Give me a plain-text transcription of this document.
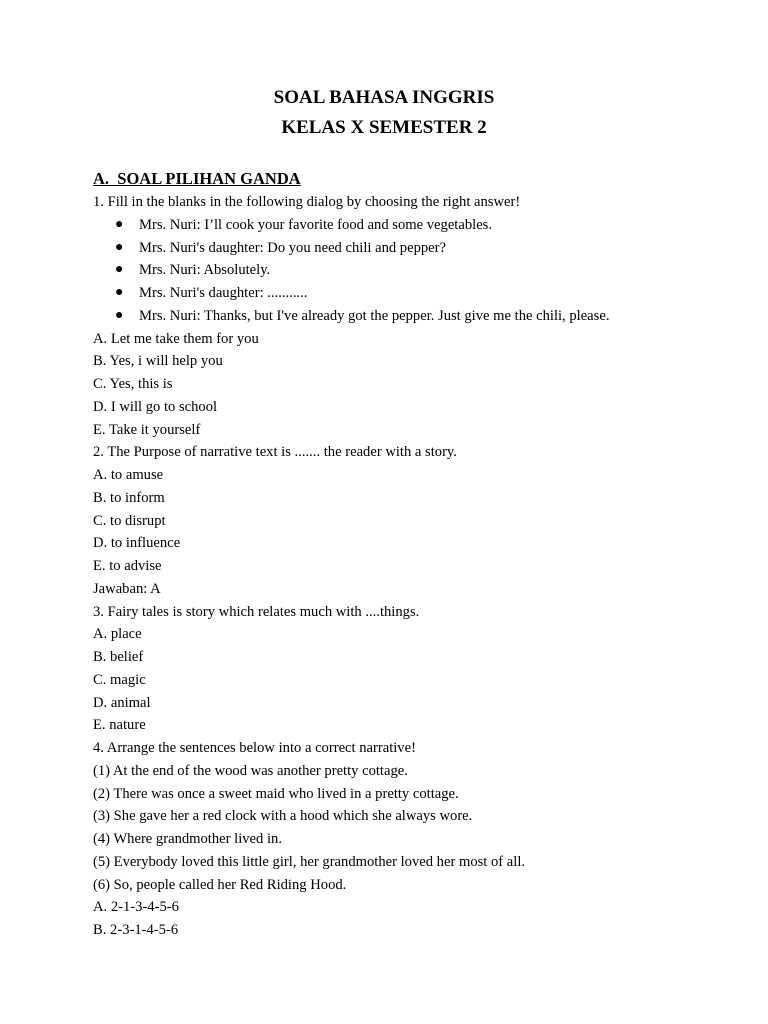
SOAL BAHASA INGGRIS
KELAS X SEMESTER 2
A.  SOAL PILIHAN GANDA
1. Fill in the blanks in the following dialog by choosing the right answer!
● Mrs. Nuri: I’ll cook your favorite food and some vegetables.
● Mrs. Nuri's daughter: Do you need chili and pepper?
● Mrs. Nuri: Absolutely.
● Mrs. Nuri's daughter: ...........
● Mrs. Nuri: Thanks, but I've already got the pepper. Just give me the chili, please.
A. Let me take them for you
B. Yes, i will help you
C. Yes, this is
D. I will go to school
E. Take it yourself
2. The Purpose of narrative text is ....... the reader with a story.
A. to amuse
B. to inform
C. to disrupt
D. to influence
E. to advise
Jawaban: A
3. Fairy tales is story which relates much with ....things.
A. place
B. belief
C. magic
D. animal
E. nature
4. Arrange the sentences below into a correct narrative!
(1) At the end of the wood was another pretty cottage.
(2) There was once a sweet maid who lived in a pretty cottage.
(3) She gave her a red clock with a hood which she always wore.
(4) Where grandmother lived in.
(5) Everybody loved this little girl, her grandmother loved her most of all.
(6) So, people called her Red Riding Hood.
A. 2-1-3-4-5-6
B. 2-3-1-4-5-6
